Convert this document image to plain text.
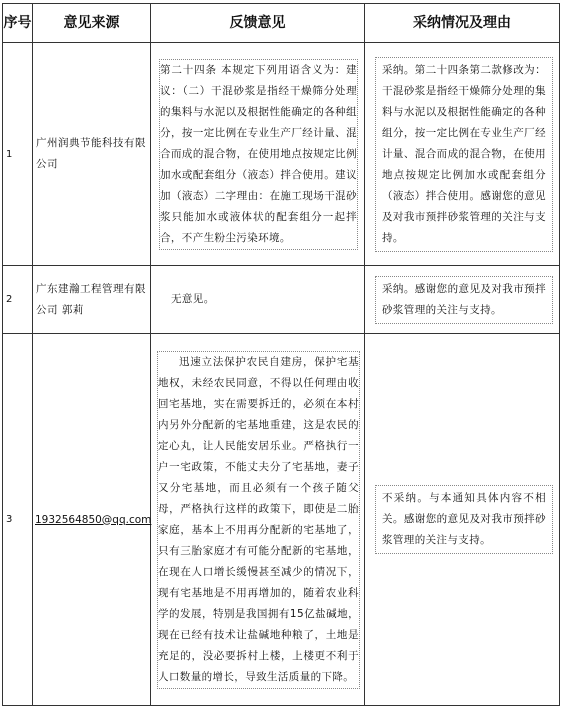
序号	意见来源	反馈意见	采纳情况及理由
1	广州润典节能科技有限公司	第二十四条 本规定下列用语含义为：建议：（二）干混砂浆是指经干燥筛分处理的集料与水泥以及根据性能确定的各种组分，按一定比例在专业生产厂经计量、混合而成的混合物，在使用地点按规定比例加水或配套组分（液态）拌合使用。建议加（液态）二字理由：在施工现场干混砂浆只能加水或液体状的配套组分一起拌合，不产生粉尘污染环境。	采纳。第二十四条第二款修改为：干混砂浆是指经干燥筛分处理的集料与水泥以及根据性能确定的各种组分，按一定比例在专业生产厂经计量、混合而成的混合物，在使用地点按规定比例加水或配套组分（液态）拌合使用。感谢您的意见及对我市预拌砂浆管理的关注与支持。

2	广东建瀚工程管理有限公司 郭莉	无意见。	采纳。感谢您的意见及对我市预拌砂浆管理的关注与支持。

3	1932564850@qq.com	迅速立法保护农民自建房，保护宅基地权，未经农民同意，不得以任何理由收回宅基地，实在需要拆迁的，必须在本村内另外分配新的宅基地重建，这是农民的定心丸，让人民能安居乐业。严格执行一户一宅政策，不能丈夫分了宅基地，妻子又分宅基地，而且必须有一个孩子随父母，严格执行这样的政策下，即使是二胎家庭，基本上不用再分配新的宅基地了，只有三胎家庭才有可能分配新的宅基地，在现在人口增长缓慢甚至减少的情况下，现有宅基地是不用再增加的，随着农业科学的发展，特别是我国拥有15亿盐碱地，现在已经有技术让盐碱地种粮了，土地是充足的，没必要拆村上楼，上楼更不利于人口数量的增长，导致生活质量的下降。	不采纳。与本通知具体内容不相关。感谢您的意见及对我市预拌砂浆管理的关注与支持。
